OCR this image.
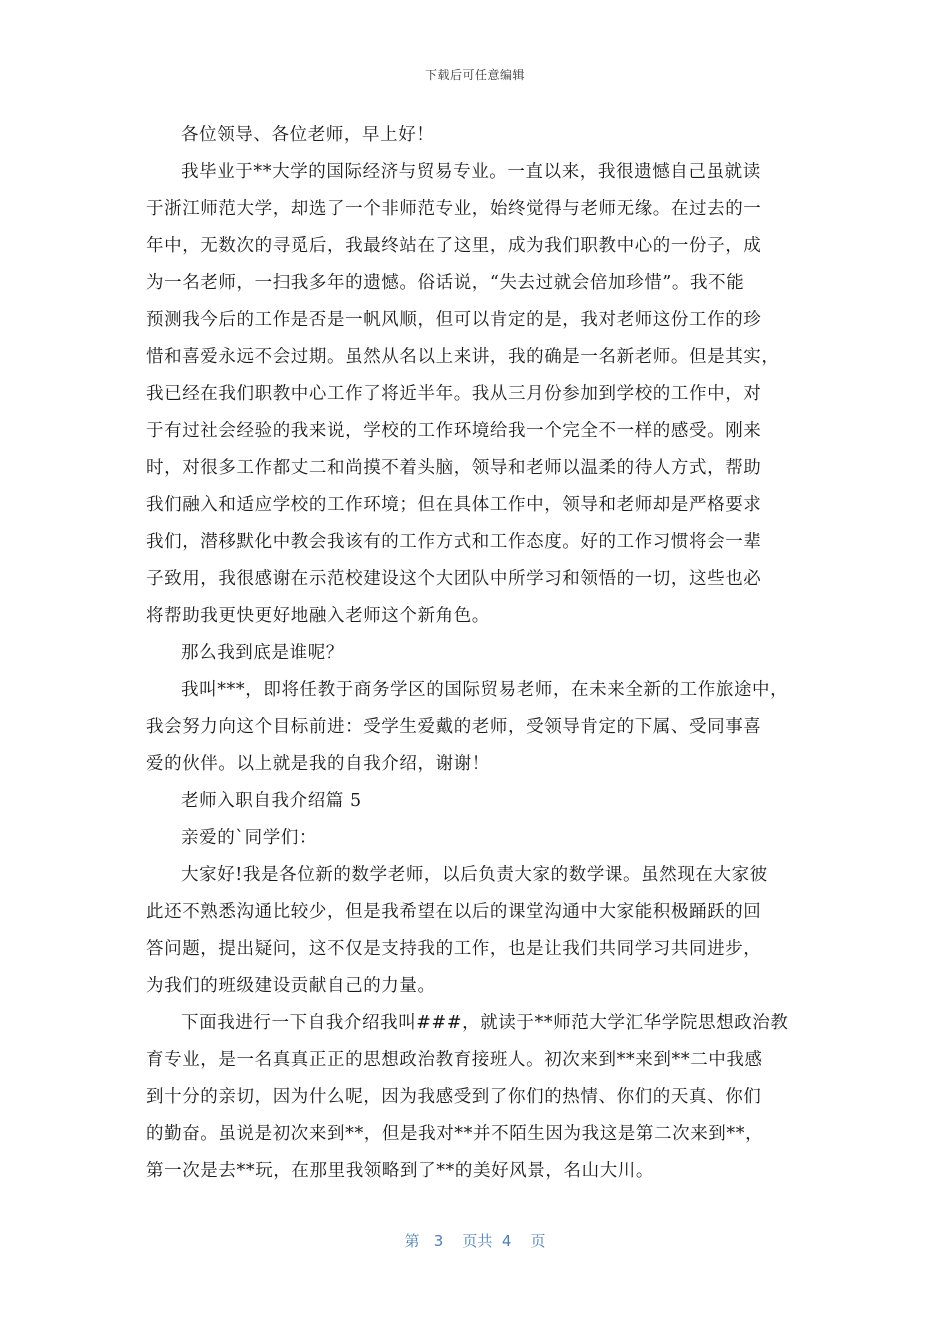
下载后可任意编辑
各位领导、各位老师，早上好！
我毕业于**大学的国际经济与贸易专业。一直以来，我很遗憾自己虽就读
于浙江师范大学，却选了一个非师范专业，始终觉得与老师无缘。在过去的一
年中，无数次的寻觅后，我最终站在了这里，成为我们职教中心的一份子，成
为一名老师，一扫我多年的遗憾。俗话说，“失去过就会倍加珍惜”。我不能
预测我今后的工作是否是一帆风顺，但可以肯定的是，我对老师这份工作的珍
惜和喜爱永远不会过期。虽然从名以上来讲，我的确是一名新老师。但是其实，
我已经在我们职教中心工作了将近半年。我从三月份参加到学校的工作中，对
于有过社会经验的我来说，学校的工作环境给我一个完全不一样的感受。刚来
时，对很多工作都丈二和尚摸不着头脑，领导和老师以温柔的待人方式，帮助
我们融入和适应学校的工作环境；但在具体工作中，领导和老师却是严格要求
我们，潜移默化中教会我该有的工作方式和工作态度。好的工作习惯将会一辈
子致用，我很感谢在示范校建设这个大团队中所学习和领悟的一切，这些也必
将帮助我更快更好地融入老师这个新角色。
那么我到底是谁呢？
我叫***，即将任教于商务学区的国际贸易老师，在未来全新的工作旅途中，
我会努力向这个目标前进：受学生爱戴的老师，受领导肯定的下属、受同事喜
爱的伙伴。以上就是我的自我介绍，谢谢！
老师入职自我介绍篇 5
亲爱的`同学们：
大家好!我是各位新的数学老师，以后负责大家的数学课。虽然现在大家彼
此还不熟悉沟通比较少，但是我希望在以后的课堂沟通中大家能积极踊跃的回
答问题，提出疑问，这不仅是支持我的工作，也是让我们共同学习共同进步，
为我们的班级建设贡献自己的力量。
下面我进行一下自我介绍我叫###，就读于**师范大学汇华学院思想政治教
育专业，是一名真真正正的思想政治教育接班人。初次来到**来到**二中我感
到十分的亲切，因为什么呢，因为我感受到了你们的热情、你们的天真、你们
的勤奋。虽说是初次来到**，但是我对**并不陌生因为我这是第二次来到**，
第一次是去**玩，在那里我领略到了**的美好风景，名山大川。
第   3    页共  4    页
